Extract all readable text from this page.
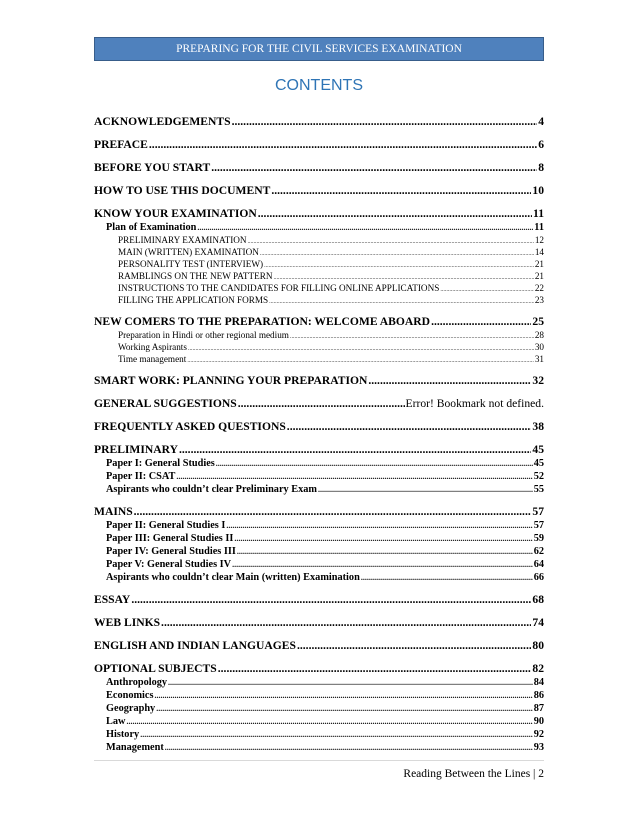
PREPARING FOR THE CIVIL SERVICES EXAMINATION
CONTENTS
ACKNOWLEDGEMENTS .....	4
PREFACE .....	6
BEFORE YOU START .....	8
HOW TO USE THIS DOCUMENT .....	10
KNOW YOUR EXAMINATION .....	11
Plan of Examination .....	11
PRELIMINARY EXAMINATION .....	12
MAIN (WRITTEN) EXAMINATION .....	14
PERSONALITY TEST (INTERVIEW) .....	21
RAMBLINGS ON THE NEW PATTERN .....	21
INSTRUCTIONS TO THE CANDIDATES FOR FILLING ONLINE APPLICATIONS .....	22
FILLING THE APPLICATION FORMS .....	23
NEW COMERS TO THE PREPARATION: WELCOME ABOARD .....	25
Preparation in Hindi or other regional medium .....	28
Working Aspirants .....	30
Time management .....	31
SMART WORK: PLANNING YOUR PREPARATION .....	32
GENERAL SUGGESTIONS .....	Error! Bookmark not defined.
FREQUENTLY ASKED QUESTIONS .....	38
PRELIMINARY .....	45
Paper I: General Studies .....	45
Paper II: CSAT .....	52
Aspirants who couldn’t clear Preliminary Exam .....	55
MAINS .....	57
Paper II: General Studies I .....	57
Paper III: General Studies II .....	59
Paper IV: General Studies III .....	62
Paper V: General Studies IV .....	64
Aspirants who couldn’t clear Main (written) Examination .....	66
ESSAY .....	68
WEB LINKS .....	74
ENGLISH AND INDIAN LANGUAGES .....	80
OPTIONAL SUBJECTS .....	82
Anthropology .....	84
Economics .....	86
Geography .....	87
Law .....	90
History .....	92
Management .....	93
Reading Between the Lines | 2
